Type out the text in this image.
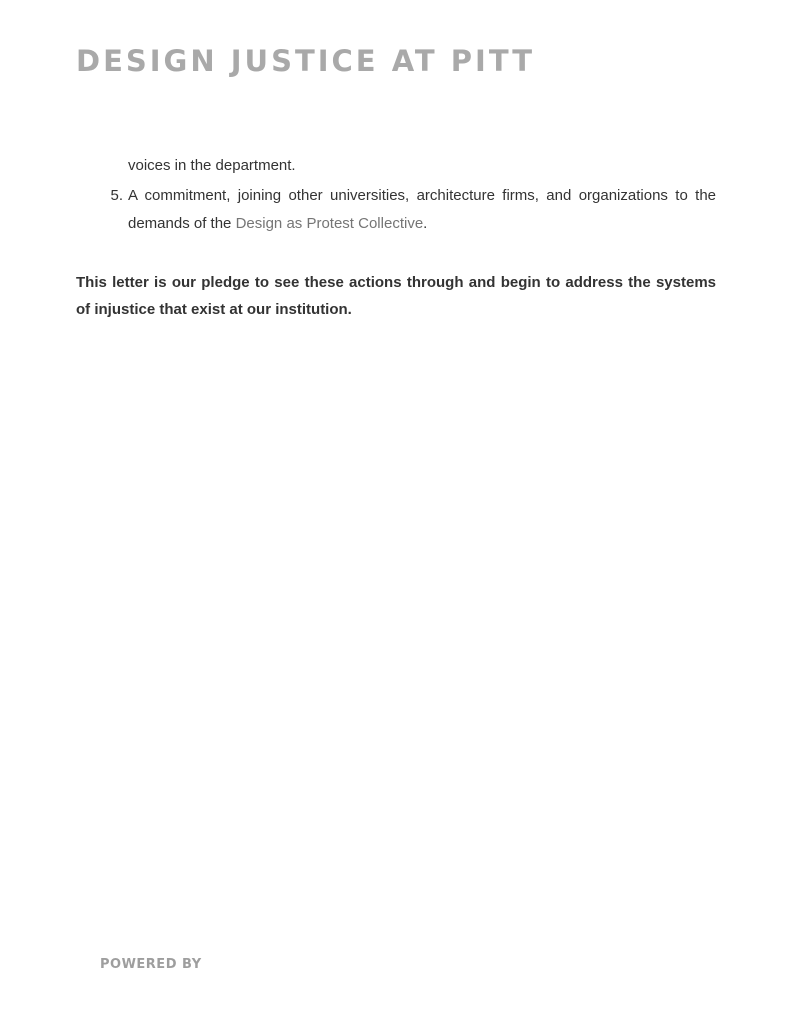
DESIGN JUSTICE AT PITT

voices in the department.

5. A commitment, joining other universities, architecture firms, and organizations to the demands of the Design as Protest Collective.

This letter is our pledge to see these actions through and begin to address the systems of injustice that exist at our institution.

POWERED BY
